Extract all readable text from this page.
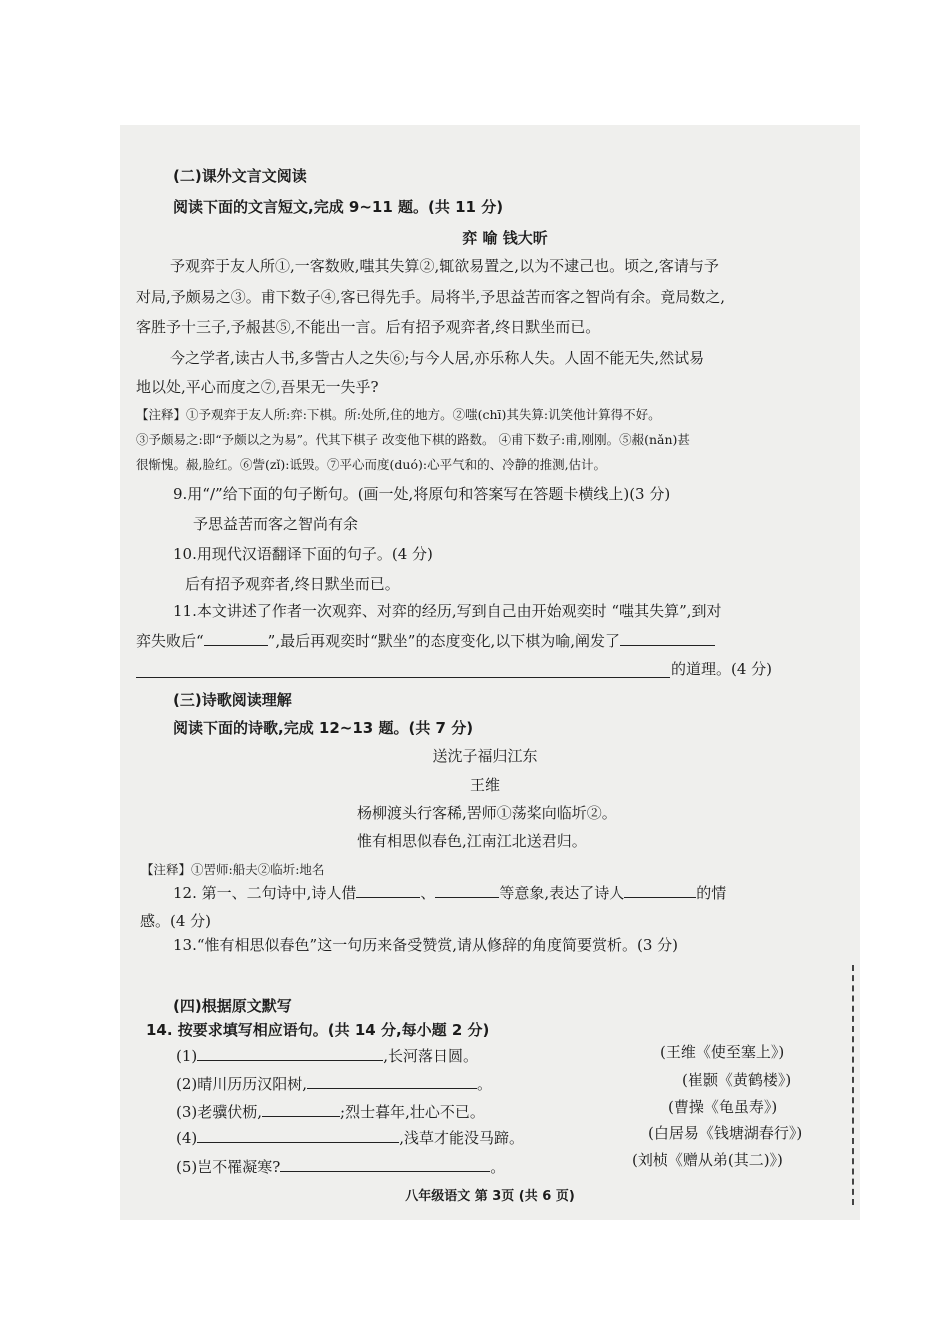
(二)课外文言文阅读
阅读下面的文言短文,完成 9~11 题。(共 11 分)
弈 喻 钱大昕
予观弈于友人所①,一客数败,嗤其失算②,辄欲易置之,以为不逮己也。顷之,客请与予
对局,予颇易之③。甫下数子④,客已得先手。局将半,予思益苦而客之智尚有余。竟局数之,
客胜予十三子,予赧甚⑤,不能出一言。后有招予观弈者,终日默坐而已。
今之学者,读古人书,多訾古人之失⑥;与今人居,亦乐称人失。人固不能无失,然试易
地以处,平心而度之⑦,吾果无一失乎?
【注释】①予观弈于友人所:弈:下棋。所:处所,住的地方。②嗤(chī)其失算:讥笑他计算得不好。
③予颇易之:即“予颇以之为易”。代其下棋子 改变他下棋的路数。 ④甫下数子:甫,刚刚。⑤赧(nǎn)甚
很惭愧。赧,脸红。⑥訾(zǐ):诋毁。⑦平心而度(duó):心平气和的、冷静的推测,估计。
9.用“/”给下面的句子断句。(画一处,将原句和答案写在答题卡横线上)(3 分)
予思益苦而客之智尚有余
10.用现代汉语翻译下面的句子。(4 分)
后有招予观弈者,终日默坐而已。
11.本文讲述了作者一次观弈、对弈的经历,写到自己由开始观奕时 “嗤其失算”,到对
弈失败后“	”,最后再观奕时“默坐”的态度变化,以下棋为喻,阐发了
的道理。(4 分)
(三)诗歌阅读理解
阅读下面的诗歌,完成 12~13 题。(共 7 分)
送沈子福归江东
王维
杨柳渡头行客稀,罟师①荡桨向临圻②。
惟有相思似春色,江南江北送君归。
【注释】①罟师:船夫②临圻:地名
12. 第一、二句诗中,诗人借	、	等意象,表达了诗人	的情
感。(4 分)
13.“惟有相思似春色”这一句历来备受赞赏,请从修辞的角度简要赏析。(3 分)
(四)根据原文默写
14. 按要求填写相应语句。(共 14 分,每小题 2 分)
(1)	,长河落日圆。	(王维《使至塞上》)
(2)晴川历历汉阳树,	。	(崔颢《黄鹤楼》)
(3)老骥伏枥,	;烈士暮年,壮心不已。	(曹操《龟虽寿》)
(4)	,浅草才能没马蹄。	(白居易《钱塘湖春行》)
(5)岂不罹凝寒?	。	(刘桢《赠从弟(其二)》)
八年级语文 第 3页 (共 6 页)
